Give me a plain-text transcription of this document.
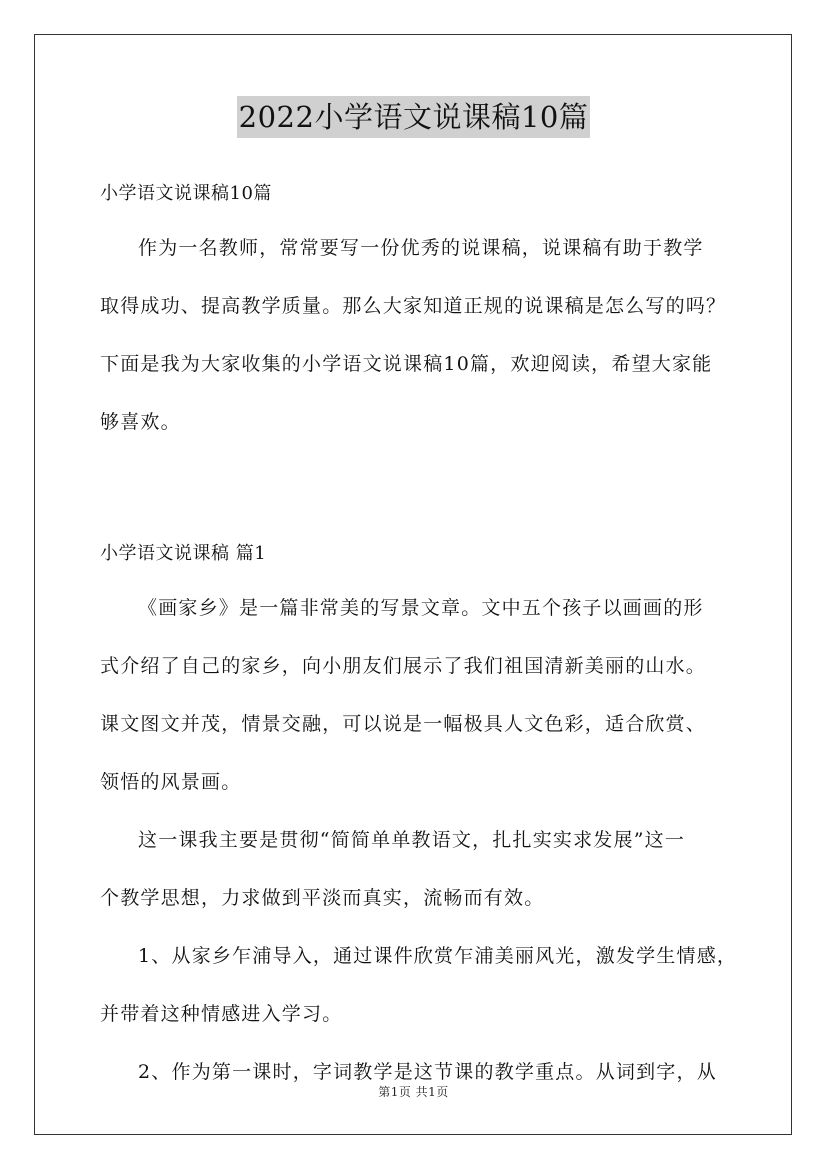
2022小学语文说课稿10篇

小学语文说课稿10篇

作为一名教师，常常要写一份优秀的说课稿，说课稿有助于教学

取得成功、提高教学质量。那么大家知道正规的说课稿是怎么写的吗？

下面是我为大家收集的小学语文说课稿10篇，欢迎阅读，希望大家能

够喜欢。

小学语文说课稿 篇1

《画家乡》是一篇非常美的写景文章。文中五个孩子以画画的形

式介绍了自己的家乡，向小朋友们展示了我们祖国清新美丽的山水。

课文图文并茂，情景交融，可以说是一幅极具人文色彩，适合欣赏、

领悟的风景画。

这一课我主要是贯彻“简简单单教语文，扎扎实实求发展”这一

个教学思想，力求做到平淡而真实，流畅而有效。

1、从家乡乍浦导入，通过课件欣赏乍浦美丽风光，激发学生情感，

并带着这种情感进入学习。

2、作为第一课时，字词教学是这节课的教学重点。从词到字，从

第1页 共1页
